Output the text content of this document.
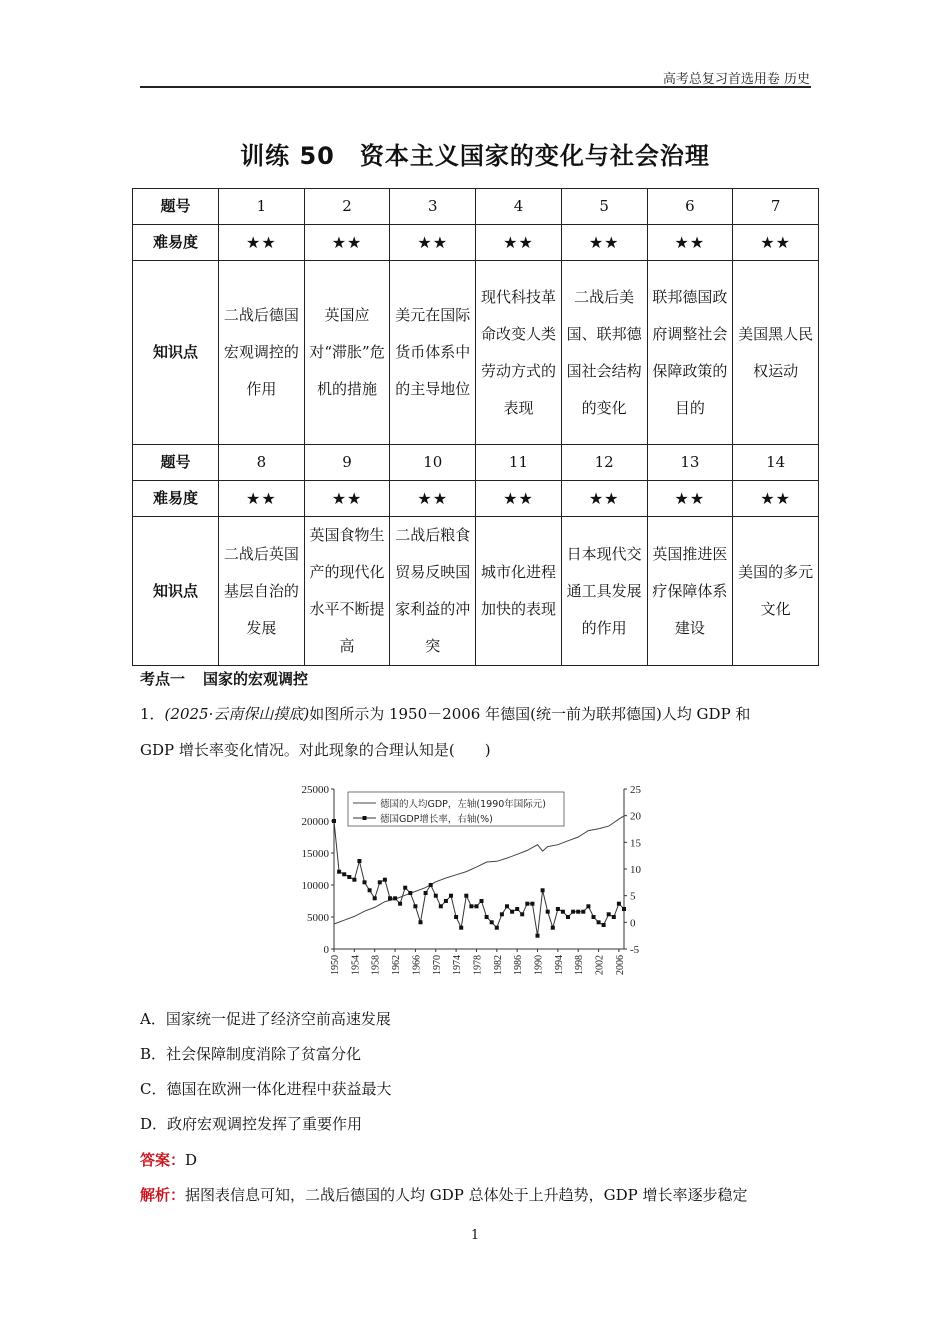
高考总复习首选用卷 历史
训练 50　资本主义国家的变化与社会治理
题号	1	2	3	4	5	6	7
难易度	★★	★★	★★	★★	★★	★★	★★
知识点	二战后德国宏观调控的作用	英国应对“滞胀”危机的措施	美元在国际货币体系中的主导地位	现代科技革命改变人类劳动方式的表现	二战后美国、联邦德国社会结构的变化	联邦德国政府调整社会保障政策的目的	美国黑人民权运动
题号	8	9	10	11	12	13	14
难易度	★★	★★	★★	★★	★★	★★	★★
知识点	二战后英国基层自治的发展	英国食物生产的现代化水平不断提高	二战后粮食贸易反映国家利益的冲突	城市化进程加快的表现	日本现代交通工具发展的作用	英国推进医疗保障体系建设	美国的多元文化
考点一 国家的宏观调控
1．(2025·云南保山摸底)如图所示为 1950－2006 年德国(统一前为联邦德国)人均 GDP 和
GDP 增长率变化情况。对此现象的合理认知是(　　)
0
5000
10000
15000
20000
25000
-5
0
5
10
15
20
25
1950 1954 1958 1962 1966 1970 1974 1978 1982 1986 1990 1994 1998 2002 2006
德国的人均GDP，左轴(1990年国际元)
德国GDP增长率，右轴(%)
A．国家统一促进了经济空前高速发展
B．社会保障制度消除了贫富分化
C．德国在欧洲一体化进程中获益最大
D．政府宏观调控发挥了重要作用
答案：D
解析：据图表信息可知，二战后德国的人均 GDP 总体处于上升趋势，GDP 增长率逐步稳定
1
